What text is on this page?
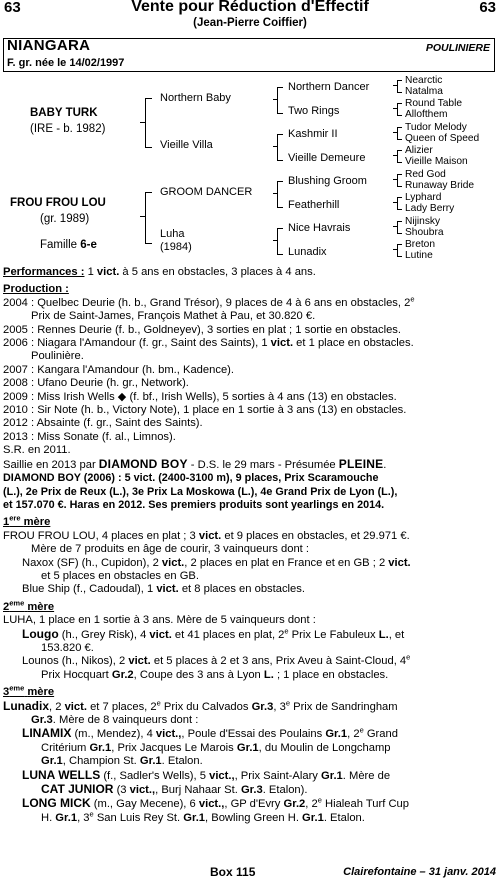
63	Vente pour Réduction d'Effectif	63
(Jean-Pierre Coiffier)
NIANGARA	POULINIERE
F. gr. née le 14/02/1997
BABY TURK
(IRE - b. 1982)
FROU FROU LOU
(gr. 1989)
Famille 6-e
Northern Baby
Vieille Villa
GROOM DANCER
Luha
(1984)
Northern Dancer
Two Rings
Kashmir II
Vieille Demeure
Blushing Groom
Featherhill
Nice Havrais
Lunadix
Nearctic
Natalma
Round Table
Allofthem
Tudor Melody
Queen of Speed
Alizier
Vieille Maison
Red God
Runaway Bride
Lyphard
Lady Berry
Nijinsky
Shoubra
Breton
Lutine
Performances : 1 vict. à 5 ans en obstacles, 3 places à 4 ans.
Production :
2004 : Quelbec Deurie (h. b., Grand Trésor), 9 places de 4 à 6 ans en obstacles, 2e
Prix de Saint-James, François Mathet à Pau, et 30.820 €.
2005 : Rennes Deurie (f. b., Goldneyev), 3 sorties en plat ; 1 sortie en obstacles.
2006 : Niagara l'Amandour (f. gr., Saint des Saints), 1 vict. et 1 place en obstacles.
Poulinière.
2007 : Kangara l'Amandour (h. bm., Kadence).
2008 : Ufano Deurie (h. gr., Network).
2009 : Miss Irish Wells ◆ (f. bf., Irish Wells), 5 sorties à 4 ans (13) en obstacles.
2010 : Sir Note (h. b., Victory Note), 1 place en 1 sortie à 3 ans (13) en obstacles.
2012 : Absainte (f. gr., Saint des Saints).
2013 : Miss Sonate (f. al., Limnos).
S.R. en 2011.
Saillie en 2013 par DIAMOND BOY - D.S. le 29 mars - Présumée PLEINE.
DIAMOND BOY (2006) : 5 vict. (2400-3100 m), 9 places, Prix Scaramouche
(L.), 2e Prix de Reux (L.), 3e Prix La Moskowa (L.), 4e Grand Prix de Lyon (L.),
et 157.070 €. Haras en 2012. Ses premiers produits sont yearlings en 2014.
1ère mère
FROU FROU LOU, 4 places en plat ; 3 vict. et 9 places en obstacles, et 29.971 €.
Mère de 7 produits en âge de courir, 3 vainqueurs dont :
Naxox (SF) (h., Cupidon), 2 vict., 2 places en plat en France et en GB ; 2 vict.
et 5 places en obstacles en GB.
Blue Ship (f., Cadoudal), 1 vict. et 8 places en obstacles.
2ème mère
LUHA, 1 place en 1 sortie à 3 ans. Mère de 5 vainqueurs dont :
Lougo (h., Grey Risk), 4 vict. et 41 places en plat, 2e Prix Le Fabuleux L., et
153.820 €.
Lounos (h., Nikos), 2 vict. et 5 places à 2 et 3 ans, Prix Aveu à Saint-Cloud, 4e
Prix Hocquart Gr.2, Coupe des 3 ans à Lyon L. ; 1 place en obstacles.
3ème mère
Lunadix, 2 vict. et 7 places, 2e Prix du Calvados Gr.3, 3e Prix de Sandringham
Gr.3. Mère de 8 vainqueurs dont :
LINAMIX (m., Mendez), 4 vict.,, Poule d'Essai des Poulains Gr.1, 2e Grand
Critérium Gr.1, Prix Jacques Le Marois Gr.1, du Moulin de Longchamp
Gr.1, Champion St. Gr.1. Etalon.
LUNA WELLS (f., Sadler's Wells), 5 vict.,, Prix Saint-Alary Gr.1. Mère de
CAT JUNIOR (3 vict.,, Burj Nahaar St. Gr.3. Etalon).
LONG MICK (m., Gay Mecene), 6 vict.,, GP d'Evry Gr.2, 2e Hialeah Turf Cup
H. Gr.1, 3e San Luis Rey St. Gr.1, Bowling Green H. Gr.1. Etalon.
Box 115	Clairefontaine – 31 janv. 2014
